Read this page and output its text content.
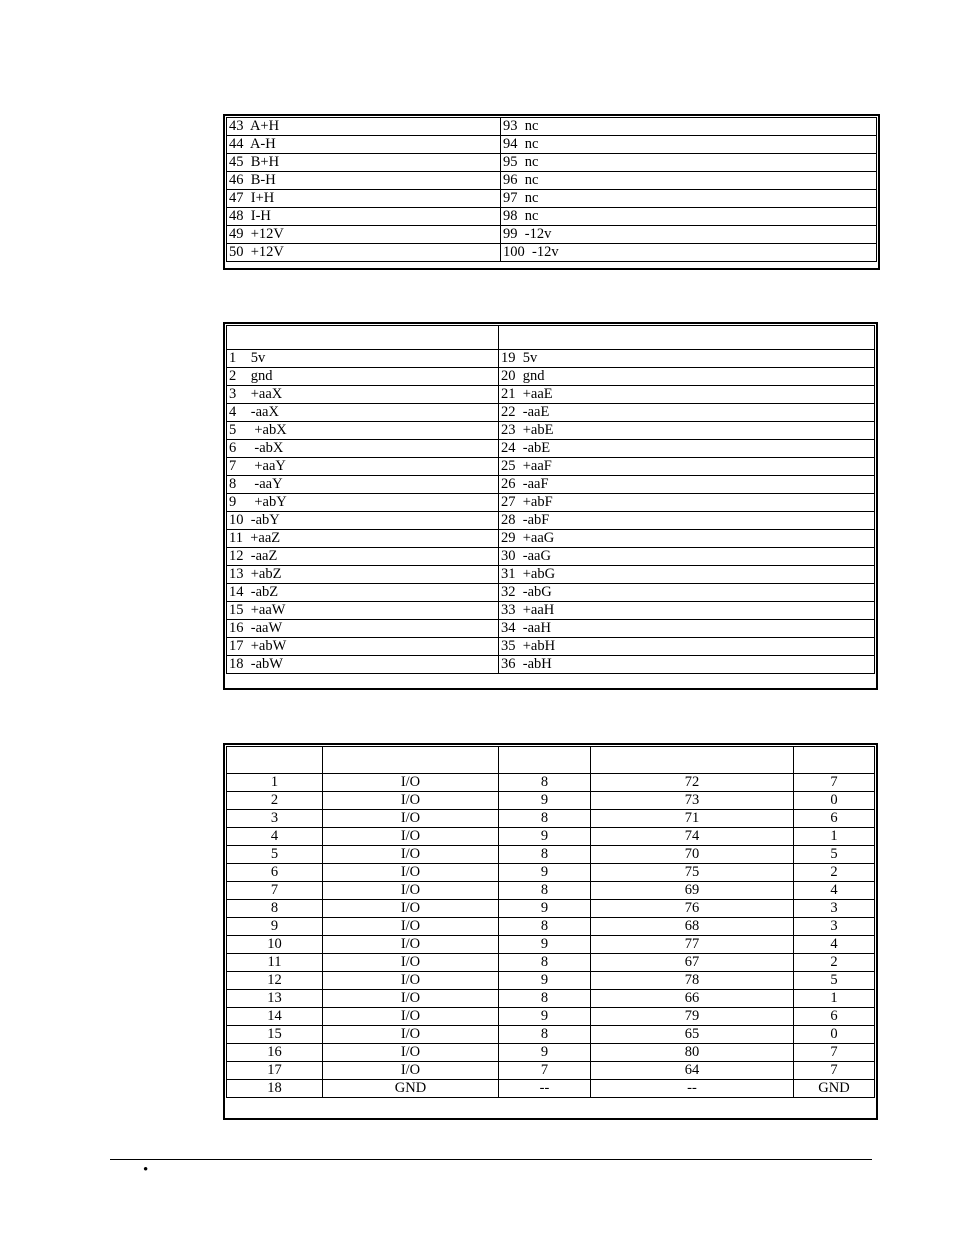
43  A+H	93  nc
44  A-H	94  nc
45  B+H	95  nc
46  B-H	96  nc
47  I+H	97  nc
48  I-H	98  nc
49  +12V	99  -12v
50  +12V	100  -12v

1    5v	19  5v
2    gnd	20  gnd
3    +aaX	21  +aaE
4    -aaX	22  -aaE
5     +abX	23  +abE
6     -abX	24  -abE
7     +aaY	25  +aaF
8     -aaY	26  -aaF
9     +abY	27  +abF
10  -abY	28  -abF
11  +aaZ	29  +aaG
12  -aaZ	30  -aaG
13  +abZ	31  +abG
14  -abZ	32  -abG
15  +aaW	33  +aaH
16  -aaW	34  -aaH
17  +abW	35  +abH
18  -abW	36  -abH

1	I/O	8	72	7
2	I/O	9	73	0
3	I/O	8	71	6
4	I/O	9	74	1
5	I/O	8	70	5
6	I/O	9	75	2
7	I/O	8	69	4
8	I/O	9	76	3
9	I/O	8	68	3
10	I/O	9	77	4
11	I/O	8	67	2
12	I/O	9	78	5
13	I/O	8	66	1
14	I/O	9	79	6
15	I/O	8	65	0
16	I/O	9	80	7
17	I/O	7	64	7
18	GND	--	--	GND
•
